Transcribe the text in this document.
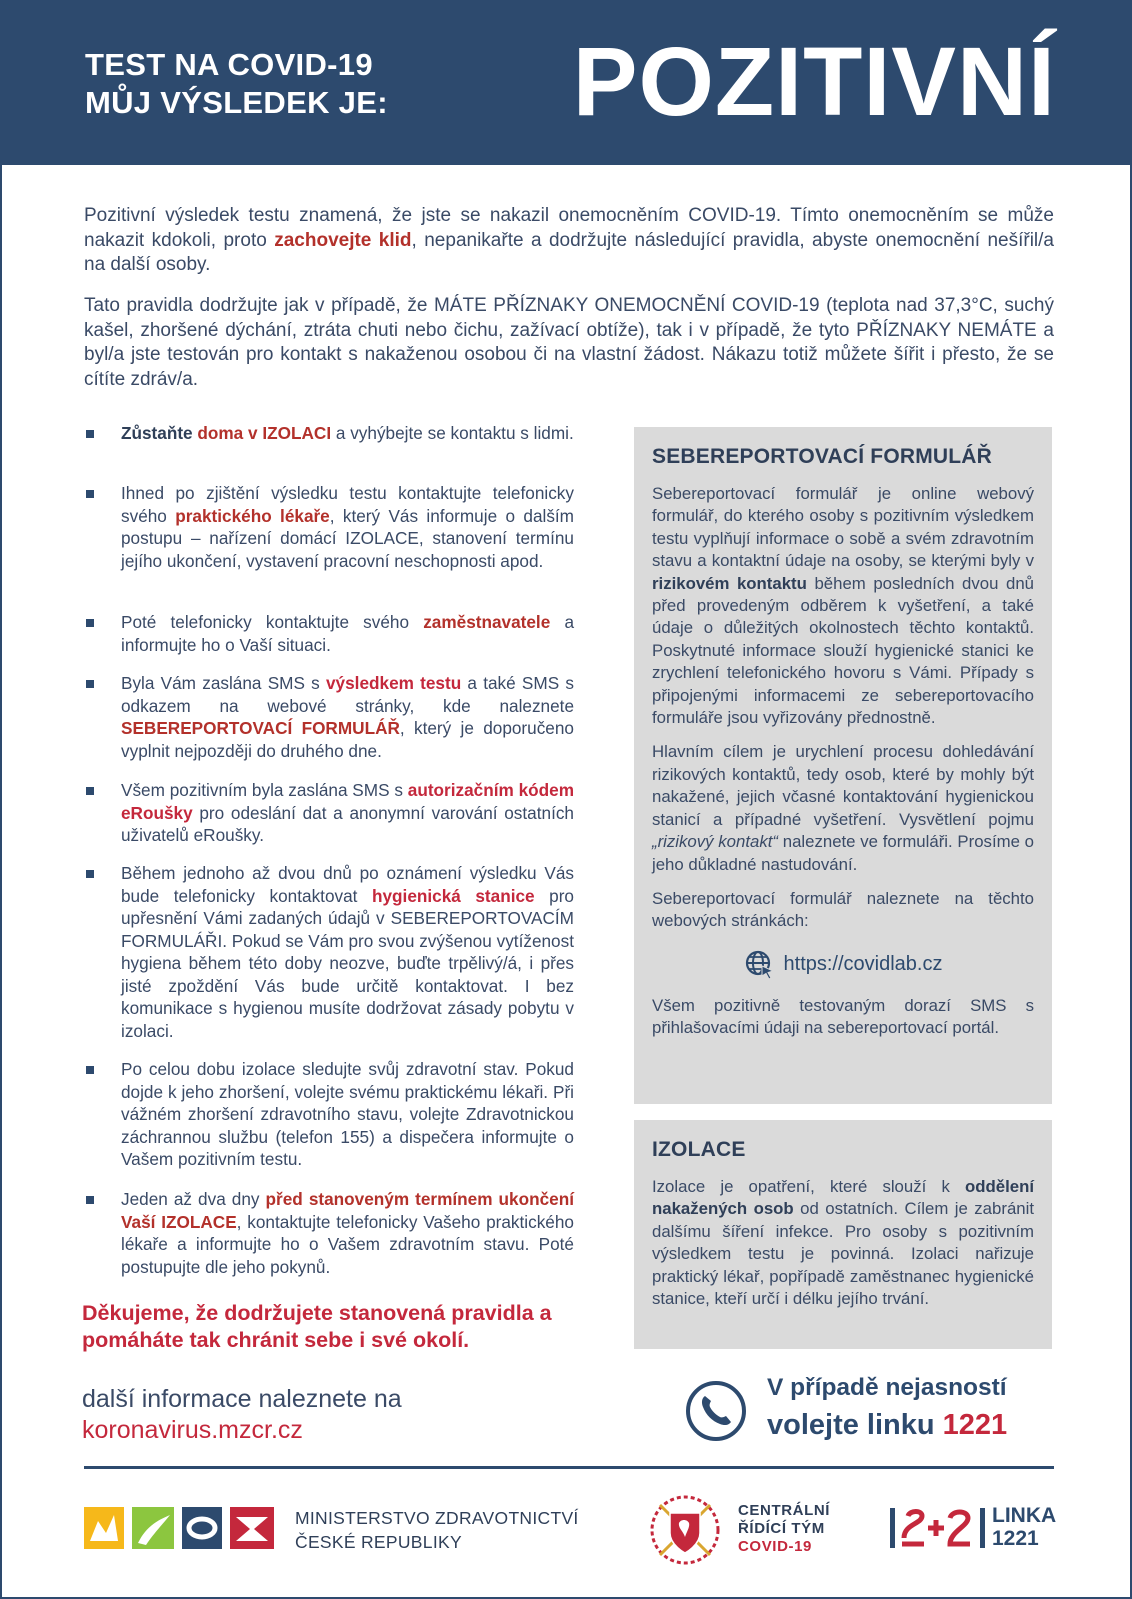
TEST NA COVID-19
MŮJ VÝSLEDEK JE: POZITIVNÍ

Pozitivní výsledek testu znamená, že jste se nakazil onemocněním COVID-19. Tímto onemocněním se může nakazit kdokoli, proto zachovejte klid, nepanikařte a dodržujte následující pravidla, abyste onemocnění nešířil/a na další osoby.

Tato pravidla dodržujte jak v případě, že MÁTE PŘÍZNAKY ONEMOCNĚNÍ COVID-19 (teplota nad 37,3°C, suchý kašel, zhoršené dýchání, ztráta chuti nebo čichu, zažívací obtíže), tak i v případě, že tyto PŘÍZNAKY NEMÁTE a byl/a jste testován pro kontakt s nakaženou osobou či na vlastní žádost. Nákazu totiž můžete šířit i přesto, že se cítíte zdráv/a.

Zůstaňte doma v IZOLACI a vyhýbejte se kontaktu s lidmi.
Ihned po zjištění výsledku testu kontaktujte telefonicky svého praktického lékaře, který Vás informuje o dalším postupu – nařízení domácí IZOLACE, stanovení termínu jejího ukončení, vystavení pracovní neschopnosti apod.
Poté telefonicky kontaktujte svého zaměstnavatele a informujte ho o Vaší situaci.
Byla Vám zaslána SMS s výsledkem testu a také SMS s odkazem na webové stránky, kde naleznete SEBEREPORTOVACÍ FORMULÁŘ, který je doporučeno vyplnit nejpozději do druhého dne.
Všem pozitivním byla zaslána SMS s autorizačním kódem eRoušky pro odeslání dat a anonymní varování ostatních uživatelů eRoušky.
Během jednoho až dvou dnů po oznámení výsledku Vás bude telefonicky kontaktovat hygienická stanice pro upřesnění Vámi zadaných údajů v SEBEREPORTOVACÍM FORMULÁŘI. Pokud se Vám pro svou zvýšenou vytíženost hygiena během této doby neozve, buďte trpělivý/á, i přes jisté zpoždění Vás bude určitě kontaktovat. I bez komunikace s hygienou musíte dodržovat zásady pobytu v izolaci.
Po celou dobu izolace sledujte svůj zdravotní stav. Pokud dojde k jeho zhoršení, volejte svému praktickému lékaři. Při vážném zhoršení zdravotního stavu, volejte Zdravotnickou záchrannou službu (telefon 155) a dispečera informujte o Vašem pozitivním testu.
Jeden až dva dny před stanoveným termínem ukončení Vaší IZOLACE, kontaktujte telefonicky Vašeho praktického lékaře a informujte ho o Vašem zdravotním stavu. Poté postupujte dle jeho pokynů.
Děkujeme, že dodržujete stanovená pravidla a pomáháte tak chránit sebe i své okolí.
další informace naleznete na
koronavirus.mzcr.cz
SEBEREPORTOVACÍ FORMULÁŘ

Sebereportovací formulář je online webový formulář, do kterého osoby s pozitivním výsledkem testu vyplňují informace o sobě a svém zdravotním stavu a kontaktní údaje na osoby, se kterými byly v rizikovém kontaktu během posledních dvou dnů před provedeným odběrem k vyšetření, a také údaje o důležitých okolnostech těchto kontaktů. Poskytnuté informace slouží hygienické stanici ke zrychlení telefonického hovoru s Vámi. Případy s připojenými informacemi ze sebereportovacího formuláře jsou vyřizovány přednostně.

Hlavním cílem je urychlení procesu dohledávání rizikových kontaktů, tedy osob, které by mohly být nakažené, jejich včasné kontaktování hygienickou stanicí a případné vyšetření. Vysvětlení pojmu „rizikový kontakt“ naleznete ve formuláři. Prosíme o jeho důkladné nastudování.

Sebereportovací formulář naleznete na těchto webových stránkách:

https://covidlab.cz

Všem pozitivně testovaným dorazí SMS s přihlašovacími údaji na sebereportovací portál.

IZOLACE

Izolace je opatření, které slouží k oddělení nakažených osob od ostatních. Cílem je zabránit dalšímu šíření infekce. Pro osoby s pozitivním výsledkem testu je povinná. Izolaci nařizuje praktický lékař, popřípadě zaměstnanec hygienické stanice, kteří určí i délku jejího trvání.

V případě nejasností
volejte linku 1221
MINISTERSTVO ZDRAVOTNICTVÍ
ČESKÉ REPUBLIKY
CENTRÁLNÍ
ŘÍDÍCÍ TÝM
COVID-19
LINKA
1221
